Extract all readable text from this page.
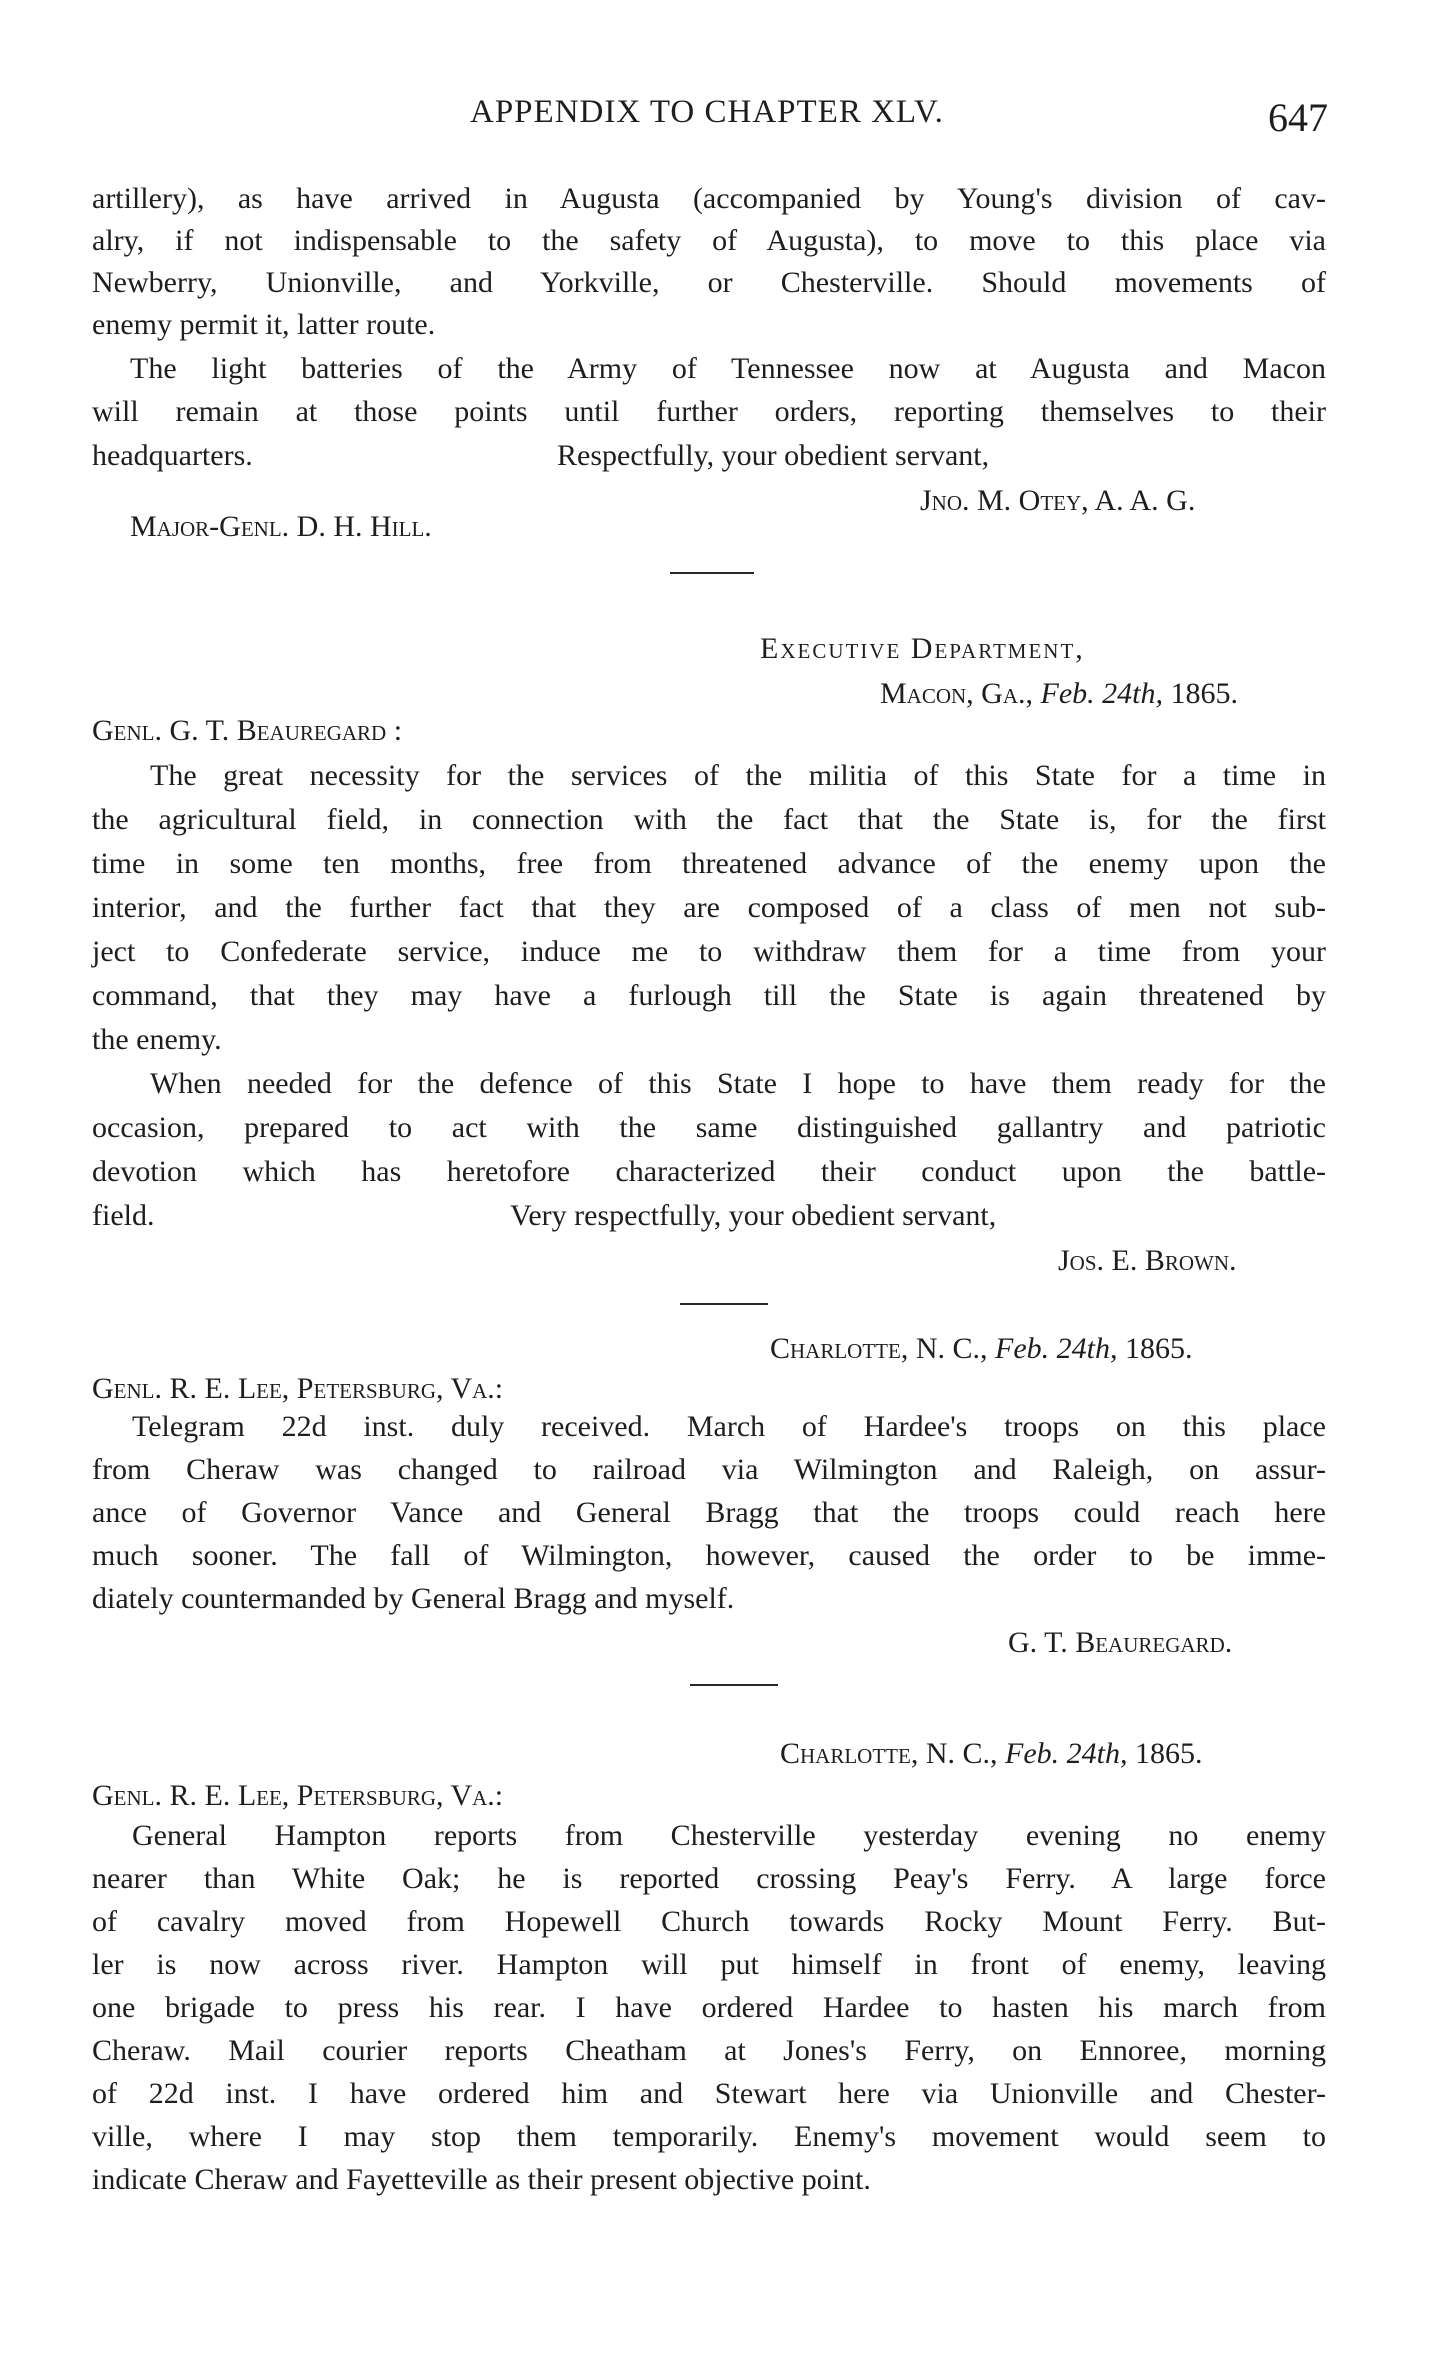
APPENDIX TO CHAPTER XLV.	647
artillery), as have arrived in Augusta (accompanied by Young's division of cav-
alry, if not indispensable to the safety of Augusta), to move to this place via
Newberry, Unionville, and Yorkville, or Chesterville. Should movements of
enemy permit it, latter route.
The light batteries of the Army of Tennessee now at Augusta and Macon
will remain at those points until further orders, reporting themselves to their
headquarters.	Respectfully, your obedient servant,
Jno. M. Otey, A. A. G.
Major-Genl. D. H. Hill.
Executive Department,
Macon, Ga., Feb. 24th, 1865.
Genl. G. T. Beauregard :
The great necessity for the services of the militia of this State for a time in
the agricultural field, in connection with the fact that the State is, for the first
time in some ten months, free from threatened advance of the enemy upon the
interior, and the further fact that they are composed of a class of men not sub-
ject to Confederate service, induce me to withdraw them for a time from your
command, that they may have a furlough till the State is again threatened by
the enemy.
When needed for the defence of this State I hope to have them ready for the
occasion, prepared to act with the same distinguished gallantry and patriotic
devotion which has heretofore characterized their conduct upon the battle-
field.	Very respectfully, your obedient servant,
Jos. E. Brown.
Charlotte, N. C., Feb. 24th, 1865.
Genl. R. E. Lee, Petersburg, Va.:
Telegram 22d inst. duly received. March of Hardee's troops on this place
from Cheraw was changed to railroad via Wilmington and Raleigh, on assur-
ance of Governor Vance and General Bragg that the troops could reach here
much sooner. The fall of Wilmington, however, caused the order to be imme-
diately countermanded by General Bragg and myself.
G. T. Beauregard.
Charlotte, N. C., Feb. 24th, 1865.
Genl. R. E. Lee, Petersburg, Va.:
General Hampton reports from Chesterville yesterday evening no enemy
nearer than White Oak; he is reported crossing Peay's Ferry. A large force
of cavalry moved from Hopewell Church towards Rocky Mount Ferry. But-
ler is now across river. Hampton will put himself in front of enemy, leaving
one brigade to press his rear. I have ordered Hardee to hasten his march from
Cheraw. Mail courier reports Cheatham at Jones's Ferry, on Ennoree, morning
of 22d inst. I have ordered him and Stewart here via Unionville and Chester-
ville, where I may stop them temporarily. Enemy's movement would seem to
indicate Cheraw and Fayetteville as their present objective point.
